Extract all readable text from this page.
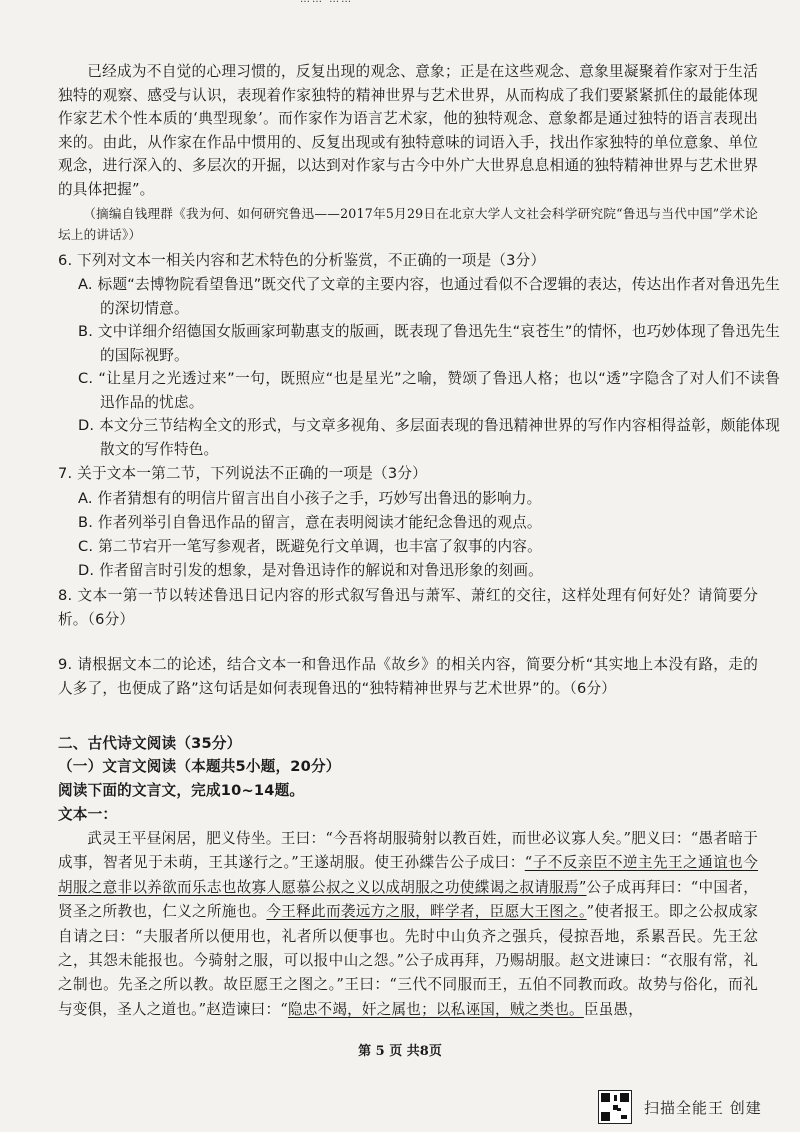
已经成为不自觉的心理习惯的，反复出现的观念、意象；正是在这些观念、意象里凝聚着作家对于生活独特的观察、感受与认识，表现着作家独特的精神世界与艺术世界，从而构成了我们要紧紧抓住的最能体现作家艺术个性本质的‘典型现象’。而作家作为语言艺术家，他的独特观念、意象都是通过独特的语言表现出来的。由此，从作家在作品中惯用的、反复出现或有独特意味的词语入手，找出作家独特的单位意象、单位观念，进行深入的、多层次的开掘，以达到对作家与古今中外广大世界息息相通的独特精神世界与艺术世界的具体把握”。

（摘编自钱理群《我为何、如何研究鲁迅——2017年5月29日在北京大学人文社会科学研究院“鲁迅与当代中国”学术论坛上的讲话》）

6. 下列对文本一相关内容和艺术特色的分析鉴赏，不正确的一项是（3分）

A. 标题“去博物院看望鲁迅”既交代了文章的主要内容，也通过看似不合逻辑的表达，传达出作者对鲁迅先生的深切情意。

B. 文中详细介绍德国女版画家珂勒惠支的版画，既表现了鲁迅先生“哀苍生”的情怀，也巧妙体现了鲁迅先生的国际视野。

C. “让星月之光透过来”一句，既照应“也是星光”之喻，赞颂了鲁迅人格；也以“透”字隐含了对人们不读鲁迅作品的忧虑。

D. 本文分三节结构全文的形式，与文章多视角、多层面表现的鲁迅精神世界的写作内容相得益彰，颇能体现散文的写作特色。

7. 关于文本一第二节，下列说法不正确的一项是（3分）

A. 作者猜想有的明信片留言出自小孩子之手，巧妙写出鲁迅的影响力。

B. 作者列举引自鲁迅作品的留言，意在表明阅读才能纪念鲁迅的观点。

C. 第二节宕开一笔写参观者，既避免行文单调，也丰富了叙事的内容。

D. 作者留言时引发的想象，是对鲁迅诗作的解说和对鲁迅形象的刻画。

8. 文本一第一节以转述鲁迅日记内容的形式叙写鲁迅与萧军、萧红的交往，这样处理有何好处？请简要分析。（6分）

9. 请根据文本二的论述，结合文本一和鲁迅作品《故乡》的相关内容，简要分析“其实地上本没有路，走的人多了，也便成了路”这句话是如何表现鲁迅的“独特精神世界与艺术世界”的。（6分）

二、古代诗文阅读（35分）

（一）文言文阅读（本题共5小题，20分）

阅读下面的文言文，完成10~14题。

文本一：

武灵王平昼闲居，肥义侍坐。王曰：“今吾将胡服骑射以教百姓，而世必议寡人矣。”肥义曰：“愚者暗于成事，智者见于未萌，王其遂行之。”王遂胡服。使王孙緤告公子成曰：“子不反亲臣不逆主先王之通谊也今胡服之意非以养欲而乐志也故寡人愿慕公叔之义以成胡服之功使緤谒之叔请服焉”公子成再拜曰：“中国者，贤圣之所教也，仁义之所施也。今王释此而袭远方之服，畔学者，臣愿大王图之。”使者报王。即之公叔成家自请之曰：“夫服者所以便用也，礼者所以便事也。先时中山负齐之强兵，侵掠吾地，系累吾民。先王忿之，其怨未能报也。今骑射之服，可以报中山之怨。”公子成再拜，乃赐胡服。赵文进谏曰：“衣服有常，礼之制也。先圣之所以教。故臣愿王之图之。”王曰：“三代不同服而王，五伯不同教而政。故势与俗化，而礼与变俱，圣人之道也。”赵造谏曰：“隐忠不竭，奸之属也；以私诬国，贼之类也。臣虽愚，

第 5 页 共8页
扫描全能王 创建
